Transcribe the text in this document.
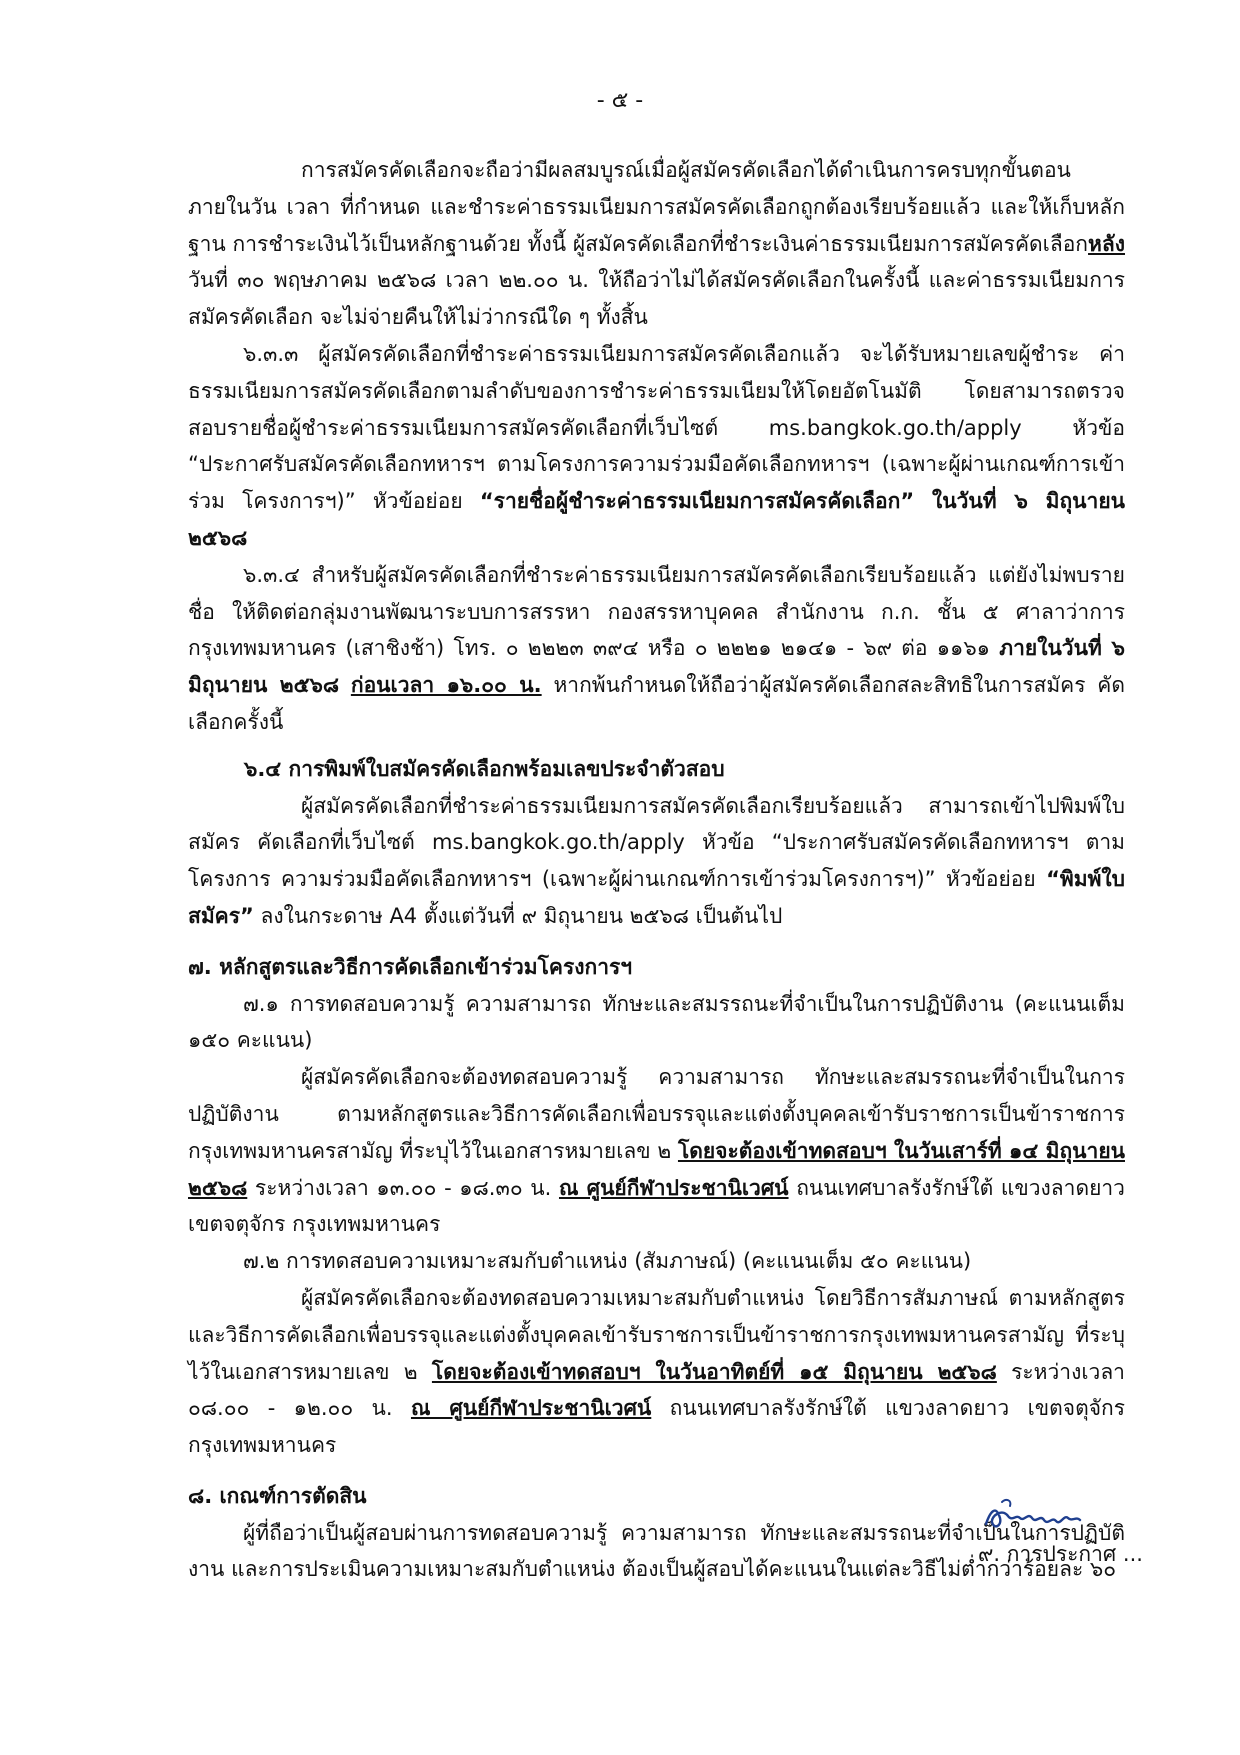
- ๕ -

การสมัครคัดเลือกจะถือว่ามีผลสมบูรณ์เมื่อผู้สมัครคัดเลือกได้ดำเนินการครบทุกขั้นตอน ภายในวัน เวลา ที่กำหนด และชำระค่าธรรมเนียมการสมัครคัดเลือกถูกต้องเรียบร้อยแล้ว และให้เก็บหลักฐาน การชำระเงินไว้เป็นหลักฐานด้วย ทั้งนี้ ผู้สมัครคัดเลือกที่ชำระเงินค่าธรรมเนียมการสมัครคัดเลือกหลังวันที่ ๓๐ พฤษภาคม ๒๕๖๘ เวลา ๒๒.๐๐ น. ให้ถือว่าไม่ได้สมัครคัดเลือกในครั้งนี้ และค่าธรรมเนียมการสมัครคัดเลือก จะไม่จ่ายคืนให้ไม่ว่ากรณีใด ๆ ทั้งสิ้น

๖.๓.๓ ผู้สมัครคัดเลือกที่ชำระค่าธรรมเนียมการสมัครคัดเลือกแล้ว จะได้รับหมายเลขผู้ชำระ ค่าธรรมเนียมการสมัครคัดเลือกตามลำดับของการชำระค่าธรรมเนียมให้โดยอัตโนมัติ โดยสามารถตรวจสอบรายชื่อผู้ชำระค่าธรรมเนียมการสมัครคัดเลือกที่เว็บไซต์ ms.bangkok.go.th/apply หัวข้อ “ประกาศรับสมัครคัดเลือกทหารฯ ตามโครงการความร่วมมือคัดเลือกทหารฯ (เฉพาะผู้ผ่านเกณฑ์การเข้าร่วม โครงการฯ)” หัวข้อย่อย “รายชื่อผู้ชำระค่าธรรมเนียมการสมัครคัดเลือก” ในวันที่ ๖ มิถุนายน ๒๕๖๘

๖.๓.๔ สำหรับผู้สมัครคัดเลือกที่ชำระค่าธรรมเนียมการสมัครคัดเลือกเรียบร้อยแล้ว แต่ยังไม่พบรายชื่อ ให้ติดต่อกลุ่มงานพัฒนาระบบการสรรหา กองสรรหาบุคคล สำนักงาน ก.ก. ชั้น ๕ ศาลาว่าการกรุงเทพมหานคร (เสาชิงช้า) โทร. ๐ ๒๒๒๓ ๓๙๔ หรือ ๐ ๒๒๒๑ ๒๑๔๑ - ๖๙ ต่อ ๑๑๖๑ ภายในวันที่ ๖ มิถุนายน ๒๕๖๘ ก่อนเวลา ๑๖.๐๐ น. หากพ้นกำหนดให้ถือว่าผู้สมัครคัดเลือกสละสิทธิในการสมัคร คัดเลือกครั้งนี้

๖.๔ การพิมพ์ใบสมัครคัดเลือกพร้อมเลขประจำตัวสอบ

ผู้สมัครคัดเลือกที่ชำระค่าธรรมเนียมการสมัครคัดเลือกเรียบร้อยแล้ว สามารถเข้าไปพิมพ์ใบสมัคร คัดเลือกที่เว็บไซต์ ms.bangkok.go.th/apply หัวข้อ “ประกาศรับสมัครคัดเลือกทหารฯ ตามโครงการ ความร่วมมือคัดเลือกทหารฯ (เฉพาะผู้ผ่านเกณฑ์การเข้าร่วมโครงการฯ)” หัวข้อย่อย “พิมพ์ใบสมัคร” ลงในกระดาษ A4 ตั้งแต่วันที่ ๙ มิถุนายน ๒๕๖๘ เป็นต้นไป

๗. หลักสูตรและวิธีการคัดเลือกเข้าร่วมโครงการฯ

๗.๑ การทดสอบความรู้ ความสามารถ ทักษะและสมรรถนะที่จำเป็นในการปฏิบัติงาน (คะแนนเต็ม ๑๕๐ คะแนน)

ผู้สมัครคัดเลือกจะต้องทดสอบความรู้ ความสามารถ ทักษะและสมรรถนะที่จำเป็นในการปฏิบัติงาน ตามหลักสูตรและวิธีการคัดเลือกเพื่อบรรจุและแต่งตั้งบุคคลเข้ารับราชการเป็นข้าราชการกรุงเทพมหานครสามัญ ที่ระบุไว้ในเอกสารหมายเลข ๒ โดยจะต้องเข้าทดสอบฯ ในวันเสาร์ที่ ๑๔ มิถุนายน ๒๕๖๘ ระหว่างเวลา ๑๓.๐๐ - ๑๘.๓๐ น. ณ ศูนย์กีฬาประชานิเวศน์ ถนนเทศบาลรังรักษ์ใต้ แขวงลาดยาว เขตจตุจักร กรุงเทพมหานคร

๗.๒ การทดสอบความเหมาะสมกับตำแหน่ง (สัมภาษณ์) (คะแนนเต็ม ๕๐ คะแนน)

ผู้สมัครคัดเลือกจะต้องทดสอบความเหมาะสมกับตำแหน่ง โดยวิธีการสัมภาษณ์ ตามหลักสูตรและวิธีการคัดเลือกเพื่อบรรจุและแต่งตั้งบุคคลเข้ารับราชการเป็นข้าราชการกรุงเทพมหานครสามัญ ที่ระบุไว้ในเอกสารหมายเลข ๒ โดยจะต้องเข้าทดสอบฯ ในวันอาทิตย์ที่ ๑๕ มิถุนายน ๒๕๖๘ ระหว่างเวลา ๐๘.๐๐ - ๑๒.๐๐ น. ณ ศูนย์กีฬาประชานิเวศน์ ถนนเทศบาลรังรักษ์ใต้ แขวงลาดยาว เขตจตุจักร กรุงเทพมหานคร

๘. เกณฑ์การตัดสิน

ผู้ที่ถือว่าเป็นผู้สอบผ่านการทดสอบความรู้ ความสามารถ ทักษะและสมรรถนะที่จำเป็นในการปฏิบัติงาน และการประเมินความเหมาะสมกับตำแหน่ง ต้องเป็นผู้สอบได้คะแนนในแต่ละวิธีไม่ต่ำกว่าร้อยละ ๖๐

๙. การประกาศ ...
